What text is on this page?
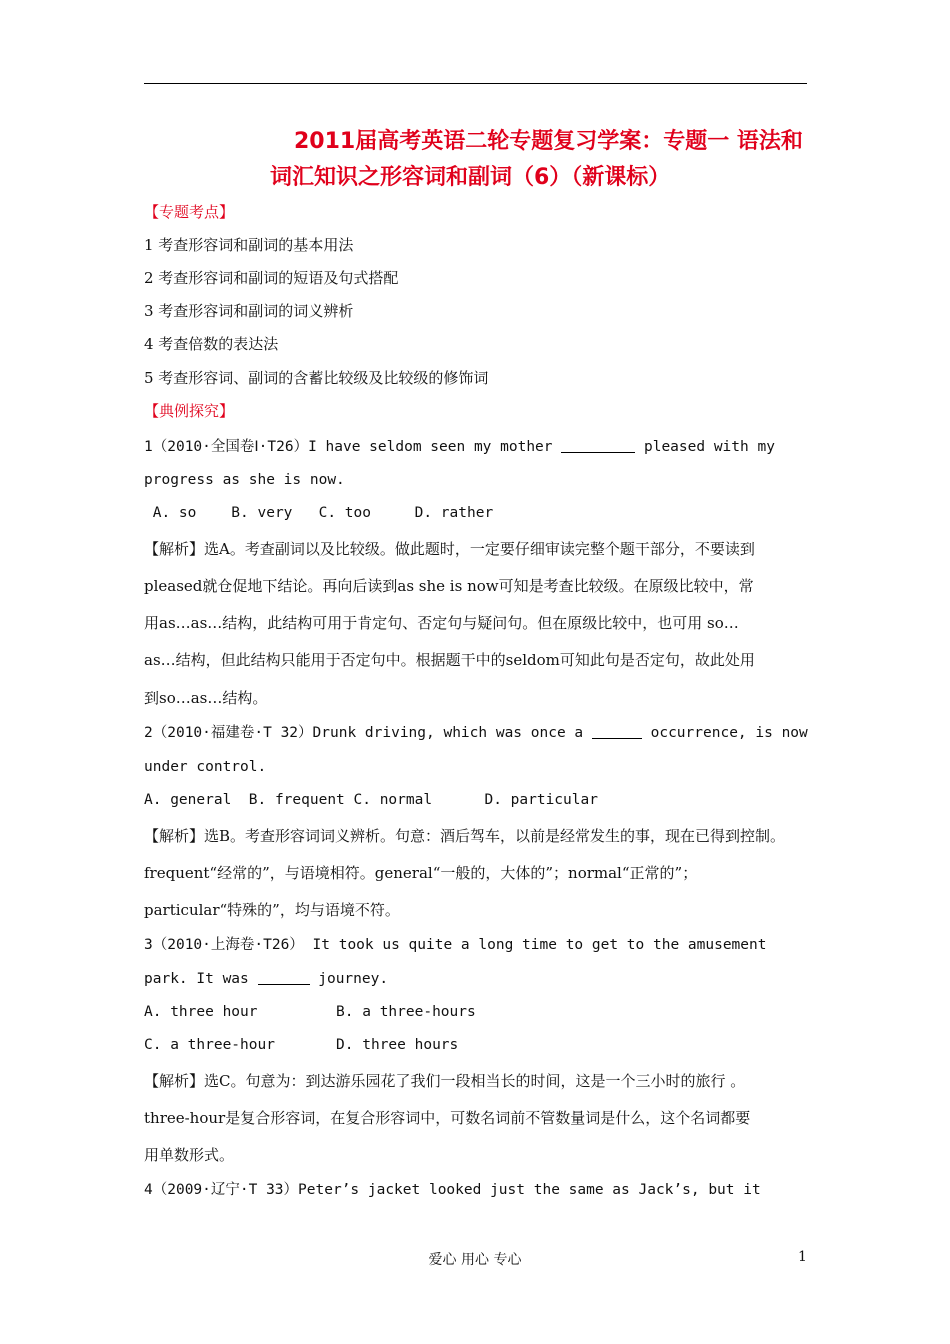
2011届高考英语二轮专题复习学案：专题一 语法和
词汇知识之形容词和副词（6）（新课标）
【专题考点】
1 考查形容词和副词的基本用法
2 考查形容词和副词的短语及句式搭配
3 考查形容词和副词的词义辨析
4 考查倍数的表达法
5 考查形容词、副词的含蓄比较级及比较级的修饰词
【典例探究】
1（2010·全国卷Ⅰ·T26）I have seldom seen my mother	pleased with my
progress as she is now.
A. so    B. very   C. too     D. rather
【解析】选A。考查副词以及比较级。做此题时，一定要仔细审读完整个题干部分，不要读到
pleased就仓促地下结论。再向后读到as she is now可知是考查比较级。在原级比较中，常
用as…as…结构，此结构可用于肯定句、否定句与疑问句。但在原级比较中，也可用 so…
as…结构，但此结构只能用于否定句中。根据题干中的seldom可知此句是否定句，故此处用
到so…as…结构。
2（2010·福建卷·T 32）Drunk driving, which was once a	occurrence, is now
under control.
A. general  B. frequent C. normal      D. particular
【解析】选B。考查形容词词义辨析。句意：酒后驾车，以前是经常发生的事，现在已得到控制。
frequent“经常的”，与语境相符。general“一般的，大体的”；normal“正常的”；
particular“特殊的”，均与语境不符。
3（2010·上海卷·T26） It took us quite a long time to get to the amusement
park. It was	journey.
A. three hour         B. a three-hours
C. a three-hour       D. three hours
【解析】选C。句意为：到达游乐园花了我们一段相当长的时间，这是一个三小时的旅行 。
three-hour是复合形容词，在复合形容词中，可数名词前不管数量词是什么，这个名词都要
用单数形式。
4（2009·辽宁·T 33）Peter’s jacket looked just the same as Jack’s, but it
爱心 用心 专心	1
